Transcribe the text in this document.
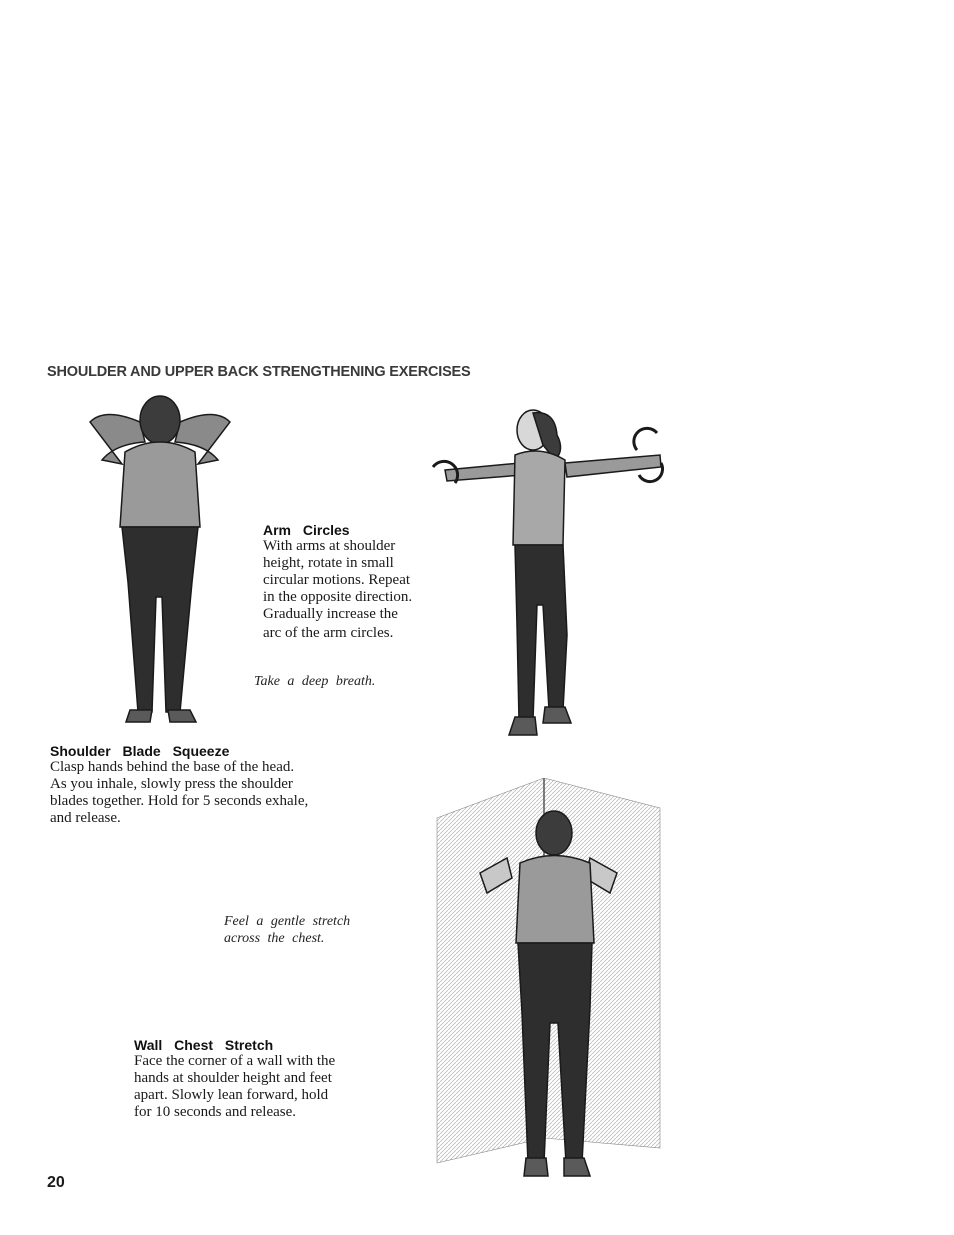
SHOULDER AND UPPER BACK STRENGTHENING EXERCISES
Arm Circles
With arms at shoulder
height, rotate in small
circular motions. Repeat
in the opposite direction.
Gradually increase the
arc of the arm circles.
Take a deep breath.
Shoulder Blade Squeeze
Clasp hands behind the base of the head.
As you inhale, slowly press the shoulder
blades together. Hold for 5 seconds exhale,
and release.
Feel a gentle stretch
across the chest.
Wall Chest Stretch
Face the corner of a wall with the
hands at shoulder height and feet
apart. Slowly lean forward, hold
for 10 seconds and release.
20
